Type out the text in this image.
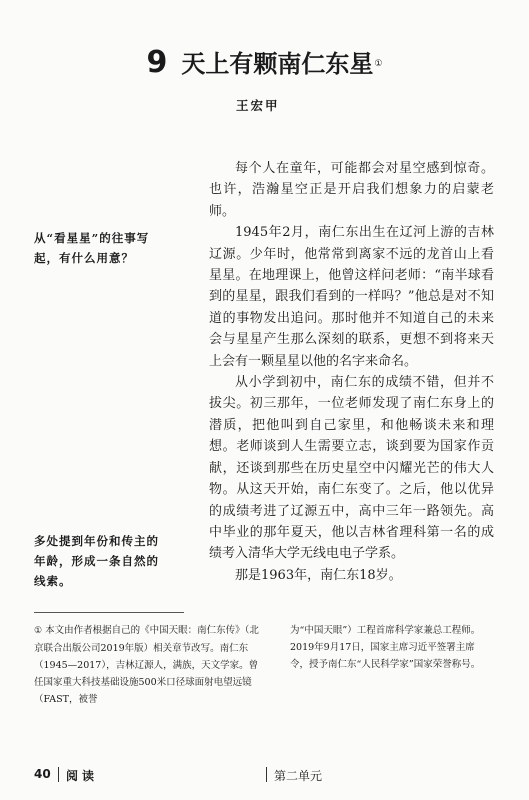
9 天上有颗南仁东星①
王宏甲

每个人在童年，可能都会对星空感到惊奇。也许，浩瀚星空正是开启我们想象力的启蒙老师。

1945年2月，南仁东出生在辽河上游的吉林辽源。少年时，他常常到离家不远的龙首山上看星星。在地理课上，他曾这样问老师：“南半球看到的星星，跟我们看到的一样吗？”他总是对不知道的事物发出追问。那时他并不知道自己的未来会与星星产生那么深刻的联系，更想不到将来天上会有一颗星星以他的名字来命名。

从小学到初中，南仁东的成绩不错，但并不拔尖。初三那年，一位老师发现了南仁东身上的潜质，把他叫到自己家里，和他畅谈未来和理想。老师谈到人生需要立志，谈到要为国家作贡献，还谈到那些在历史星空中闪耀光芒的伟大人物。从这天开始，南仁东变了。之后，他以优异的成绩考进了辽源五中，高中三年一路领先。高中毕业的那年夏天，他以吉林省理科第一名的成绩考入清华大学无线电电子学系。

那是1963年，南仁东18岁。

从“看星星”的往事写起，有什么用意？
多处提到年份和传主的年龄，形成一条自然的线索。
① 本文由作者根据自己的《中国天眼：南仁东传》（北京联合出版公司2019年版）相关章节改写。南仁东（1945—2017），吉林辽源人，满族，天文学家。曾任国家重大科技基础设施500米口径球面射电望远镜（FAST，被誉
为“中国天眼”）工程首席科学家兼总工程师。2019年9月17日，国家主席习近平签署主席令，授予南仁东“人民科学家”国家荣誉称号。
40 阅读	第二单元
